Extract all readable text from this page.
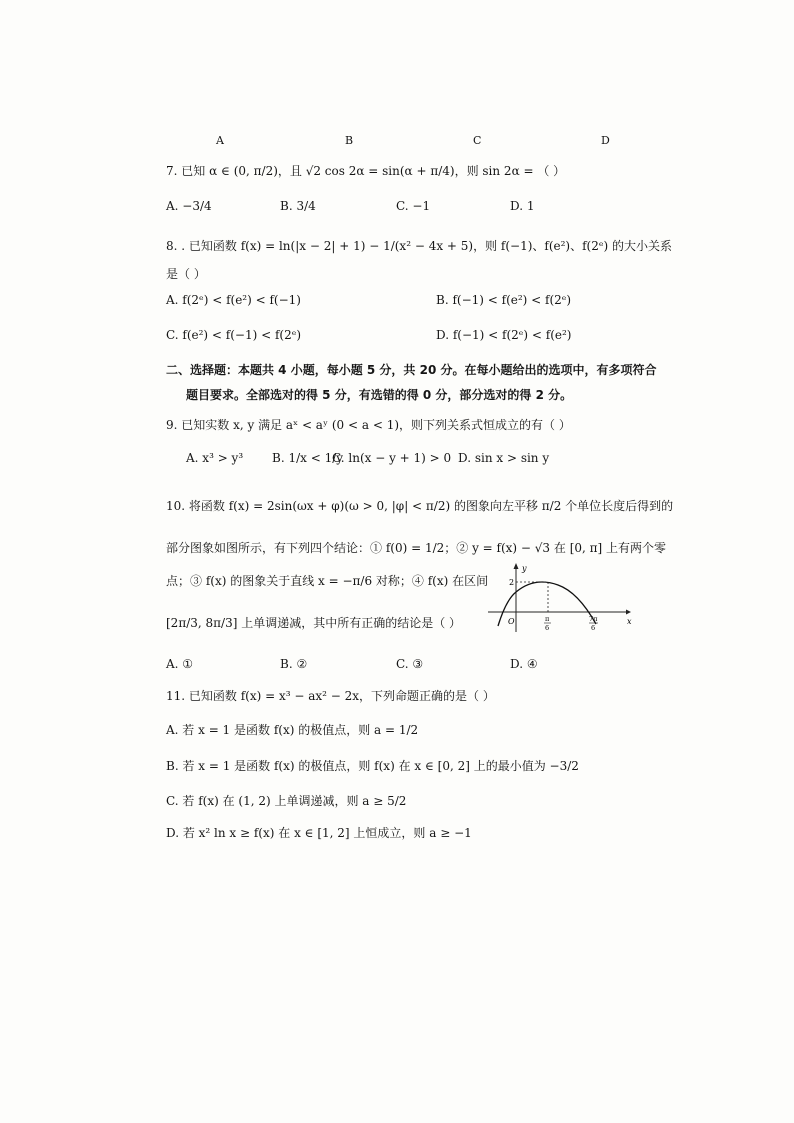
A	B	C	D
7. 已知 α ∈ (0, π/2)，且 √2 cos 2α = sin(α + π/4)，则 sin 2α = （ ）
A. −3/4	B. 3/4	C. −1	D. 1
8. . 已知函数 f(x) = ln(|x − 2| + 1) − 1/(x² − 4x + 5)，则 f(−1)、f(e²)、f(2ᵉ) 的大小关系
是（ ）
A. f(2ᵉ) < f(e²) < f(−1)	B. f(−1) < f(e²) < f(2ᵉ)
C. f(e²) < f(−1) < f(2ᵉ)	D. f(−1) < f(2ᵉ) < f(e²)
二、选择题：本题共 4 小题，每小题 5 分，共 20 分。在每小题给出的选项中，有多项符合
题目要求。全部选对的得 5 分，有选错的得 0 分，部分选对的得 2 分。
9. 已知实数 x, y 满足 aˣ < aʸ (0 < a < 1)，则下列关系式恒成立的有（ ）
A. x³ > y³ B. 1/x < 1/y
C. ln(x − y + 1) > 0 D. sin x > sin y
10. 将函数 f(x) = 2sin(ωx + φ)(ω > 0, |φ| < π/2) 的图象向左平移 π/2 个单位长度后得到的
部分图象如图所示，有下列四个结论：① f(0) = 1/2；② y = f(x) − √3 在 [0, π] 上有两个零
点；③ f(x) 的图象关于直线 x = −π/6 对称；④ f(x) 在区间
[2π/3, 8π/3] 上单调递减，其中所有正确的结论是（ ）
A. ①	B. ②	C. ③	D. ④
y
x
O
2
π
6
7π
6
11. 已知函数 f(x) = x³ − ax² − 2x，下列命题正确的是（ ）
A. 若 x = 1 是函数 f(x) 的极值点，则 a = 1/2
B. 若 x = 1 是函数 f(x) 的极值点，则 f(x) 在 x ∈ [0, 2] 上的最小值为 −3/2
C. 若 f(x) 在 (1, 2) 上单调递减，则 a ≥ 5/2
D. 若 x² ln x ≥ f(x) 在 x ∈ [1, 2] 上恒成立，则 a ≥ −1
